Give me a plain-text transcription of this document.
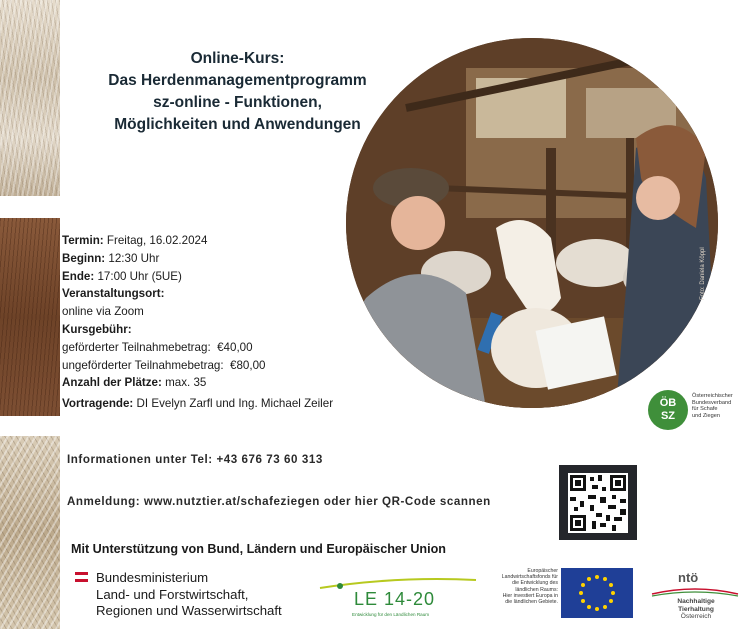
Online-Kurs:
Das Herdenmanagementprogramm
sz-online - Funktionen,
Möglichkeiten und Anwendungen
Foto: Daniela Köppl
Termin: Freitag, 16.02.2024
Beginn: 12:30 Uhr
Ende: 17:00 Uhr (5UE)
Veranstaltungsort:
online via Zoom
Kursgebühr:
geförderter Teilnahmebetrag:  €40,00
ungeförderter Teilnahmebetrag:  €80,00
Anzahl der Plätze: max. 35
Vortragende: DI Evelyn Zarfl und Ing. Michael Zeiler	ÖB
SZ
Österreichischer
Bundesverband
für Schafe
und Ziegen
Informationen unter Tel: +43 676 73 60 313
Anmeldung: www.nutztier.at/schafeziegen oder hier QR-Code scannen
Mit Unterstützung von Bund, Ländern und Europäischer Union
Bundesministerium
Land- und Forstwirtschaft,
Regionen und Wasserwirtschaft
LE 14-20
Entwicklung für den Ländlichen Raum
Europäischer
Landwirtschaftsfonds für
die Entwicklung des
ländlichen Raums:
Hier investiert Europa in
die ländlichen Gebiete.
ntö
Nachhaltige
Tierhaltung
Österreich
